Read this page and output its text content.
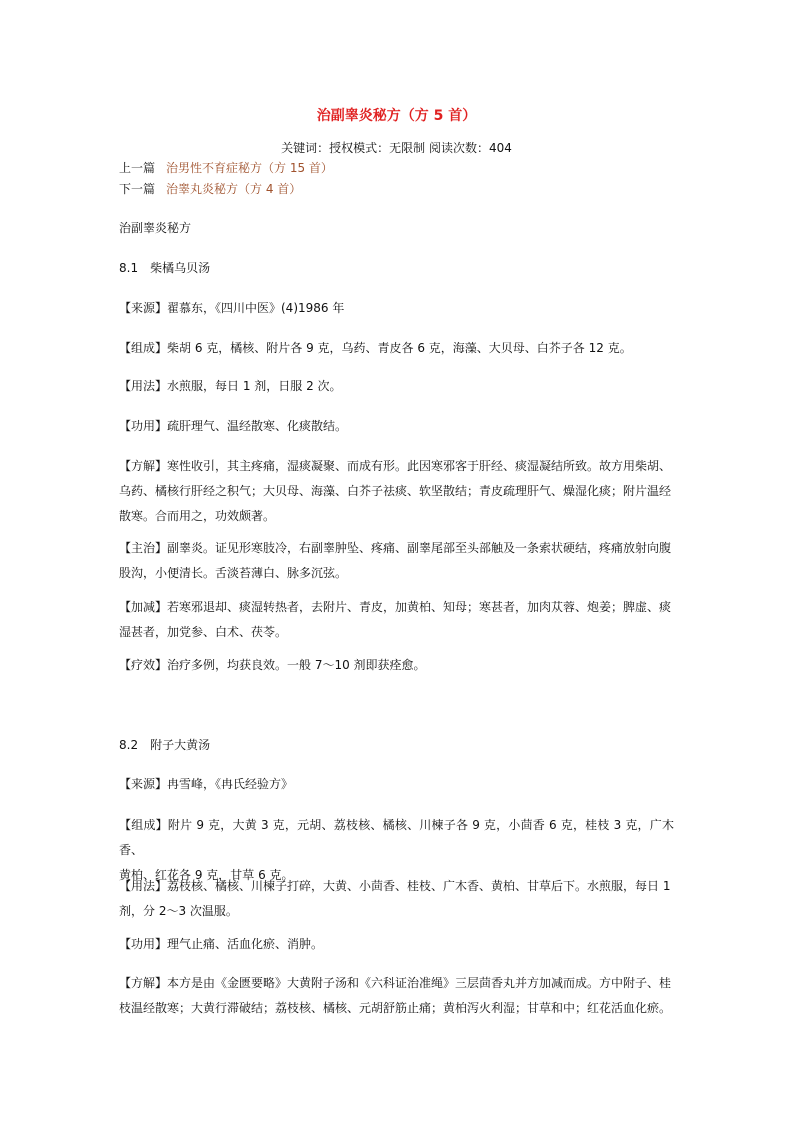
治副睾炎秘方（方 5 首）
关键词：授权模式：无限制 阅读次数：404
上一篇 治男性不育症秘方（方 15 首）
下一篇 治睾丸炎秘方（方 4 首）
治副睾炎秘方
8.1　柴橘乌贝汤
【来源】翟慕东，《四川中医》(4)1986 年
【组成】柴胡 6 克，橘核、附片各 9 克，乌药、青皮各 6 克，海藻、大贝母、白芥子各 12 克。
【用法】水煎服，每日 1 剂，日服 2 次。
【功用】疏肝理气、温经散寒、化痰散结。
【方解】寒性收引，其主疼痛，湿痰凝聚、而成有形。此因寒邪客于肝经、痰湿凝结所致。故方用柴胡、
乌药、橘核行肝经之积气；大贝母、海藻、白芥子祛痰、软坚散结；青皮疏理肝气、燥湿化痰；附片温经
散寒。合而用之，功效颇著。
【主治】副睾炎。证见形寒肢冷，右副睾肿坠、疼痛、副睾尾部至头部触及一条索状硬结，疼痛放射向腹
股沟，小便清长。舌淡苔薄白、脉多沉弦。
【加减】若寒邪退却、痰湿转热者，去附片、青皮，加黄柏、知母；寒甚者，加肉苁蓉、炮姜；脾虚、痰
湿甚者，加党参、白术、茯苓。
【疗效】治疗多例，均获良效。一般 7～10 剂即获痊愈。
8.2　附子大黄汤
【来源】冉雪峰，《冉氏经验方》
【组成】附片 9 克，大黄 3 克，元胡、荔枝核、橘核、川楝子各 9 克，小茴香 6 克，桂枝 3 克，广木香、
黄柏、红花各 9 克，甘草 6 克。
【用法】荔枝核、橘核、川楝子打碎，大黄、小茴香、桂枝、广木香、黄柏、甘草后下。水煎服，每日 1
剂，分 2～3 次温服。
【功用】理气止痛、活血化瘀、消肿。
【方解】本方是由《金匮要略》大黄附子汤和《六科证治准绳》三层茴香丸并方加减而成。方中附子、桂
枝温经散寒；大黄行滞破结；荔枝核、橘核、元胡舒筋止痛；黄柏泻火利湿；甘草和中；红花活血化瘀。
